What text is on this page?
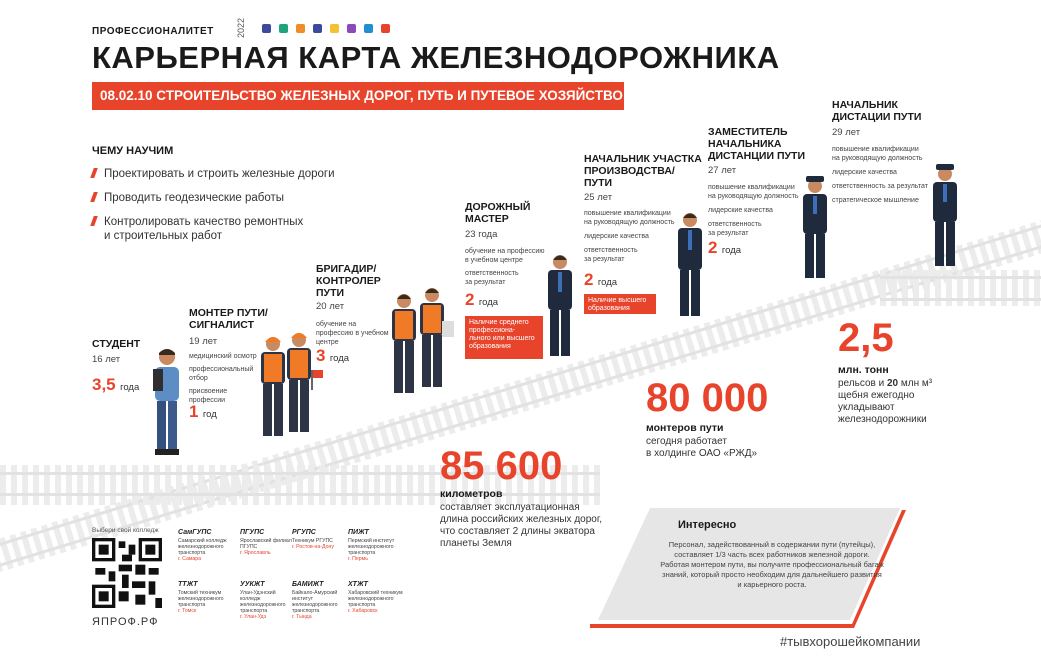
ПРОФЕССИОНАЛИТЕТ 2022
КАРЬЕРНАЯ КАРТА ЖЕЛЕЗНОДОРОЖНИКА
08.02.10 СТРОИТЕЛЬСТВО ЖЕЛЕЗНЫХ ДОРОГ, ПУТЬ И ПУТЕВОЕ ХОЗЯЙСТВО
ЧЕМУ НАУЧИМ
Проектировать и строить железные дороги
Проводить геодезические работы
Контролировать качество ремонтных
и строительных работ
СТУДЕНТ
16 лет
3,5 года
МОНТЕР ПУТИ/
СИГНАЛИСТ
19 лет
медицинский осмотр
профессиональный
отбор
присвоение
профессии
1 год
БРИГАДИР/
КОНТРОЛЕР
ПУТИ
20 лет
обучение на
профессию в учебном
центре
3 года
ДОРОЖНЫЙ
МАСТЕР
23 года
обучение на профессию
в учебном центре
ответственность
за результат
2 года
Наличие среднего
профессиона-
льного или высшего
образования
НАЧАЛЬНИК УЧАСТКА
ПРОИЗВОДСТВА/
ПУТИ
25 лет
повышение квалификации
на руководящую должность
лидерские качества
ответственность
за результат
2 года
Наличие высшего
образования
ЗАМЕСТИТЕЛЬ
НАЧАЛЬНИКА
ДИСТАНЦИИ ПУТИ
27 лет
повышение квалификации
на руководящую должность
лидерские качества
ответственность
за результат
2 года
НАЧАЛЬНИК
ДИСТАЦИИ ПУТИ
29 лет
повышение квалификации
на руководящую должность
лидерские качества
ответственность за результат
стратегическое мышление
2,5
млн. тонн
рельсов и 20 млн м³
щебня ежегодно
укладывают
железнодорожники
80 000
монтеров пути
сегодня работает
в холдинге ОАО «РЖД»
85 600
километров
составляет эксплуатационная
длина российских железных дорог,
что составляет 2 длины экватора
планеты Земля
Интересно
Персонал, задействованный в содержании пути (путейцы),
составляет 1/3 часть всех работников железной дороги.
Работая монтером пути, вы получите профессиональный багаж
знаний, который просто необходим для дальнейшего развития
и карьерного роста.
Выбери свой колледж
ЯПРОФ.РФ
СамГУПС
Самарский колледж железнодорожного транспорта
г. Самара
ПГУПС
Ярославский филиал ПГУПС
г. Ярославль
РГУПС
Техникум РГУПС
г. Ростов-на-Дону
ПИЖТ
Пермский институт железнодорожного транспорта
г. Пермь
ТТЖТ
Томский техникум железнодорожного транспорта
г. Томск
УУКЖТ
Улан-Удэнский колледж железнодорожного транспорта
г. Улан-Удэ
БАМИЖТ
Байкало-Амурский институт железнодорожного транспорта
г. Тында
ХТЖТ
Хабаровский техникум железнодорожного транспорта
г. Хабаровск
#тывхорошейкомпании
